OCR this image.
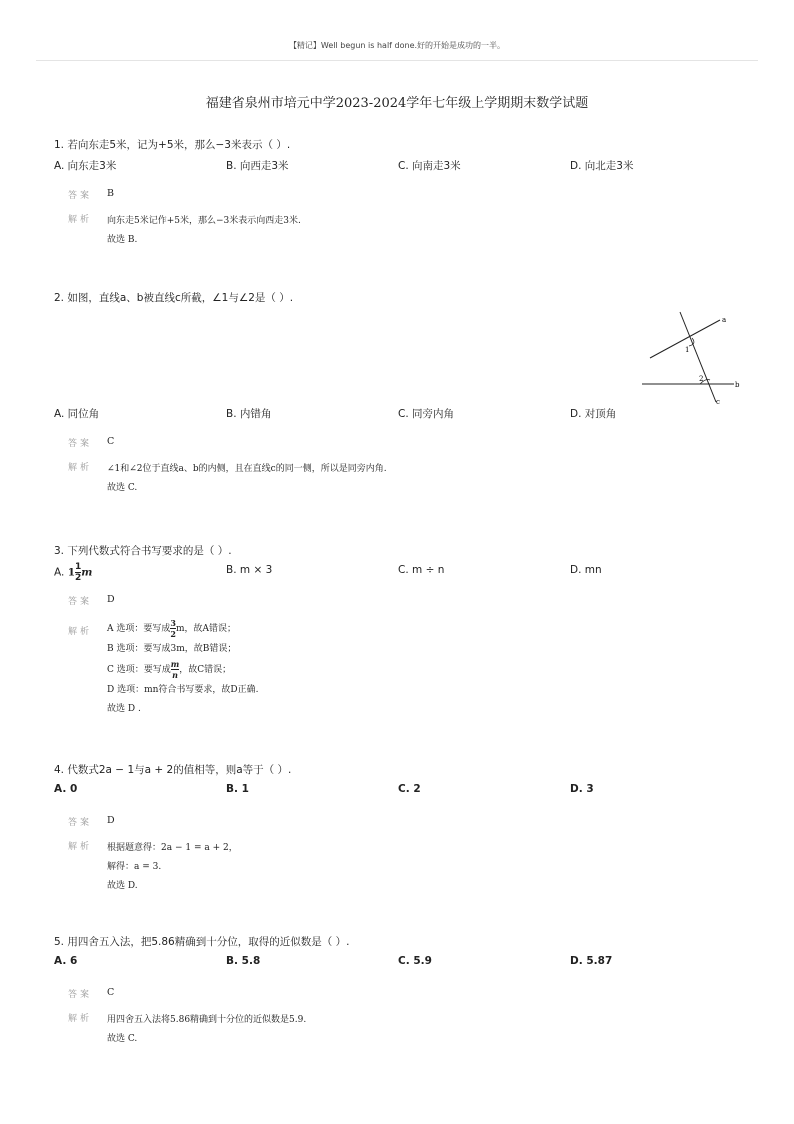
【精记】Well begun is half done.好的开始是成功的一半。
福建省泉州市培元中学2023-2024学年七年级上学期期末数学试题
1. 若向东走5米，记为+5米，那么−3米表示（ ）.
A. 向东走3米	B. 向西走3米	C. 向南走3米	D. 向北走3米
答案 B
解析 向东走5米记作+5米，那么−3米表示向西走3米.
故选 B.
2. 如图，直线a、b被直线c所截，∠1与∠2是（ ）.
a
b
c
1
2
A. 同位角	B. 内错角	C. 同旁内角	D. 对顶角
答案 C
解析 ∠1和∠2位于直线a、b的内侧，且在直线c的同一侧，所以是同旁内角.
故选 C.
3. 下列代数式符合书写要求的是（ ）.
A. $1 \frac{1}{2}$ m	B. m × 3	C. m ÷ n	D. mn
答案 D
解析 A 选项：要写成 $\frac{3}{2}$ m，故A错误；
B 选项：要写成3m，故B错误；
C 选项：要写成 $\frac{m}{n}$ ，故C错误；
D 选项：mn符合书写要求，故D正确.
故选 D .
4. 代数式2a − 1与a + 2的值相等，则a等于（ ）.
A. 0	B. 1	C. 2	D. 3
答案 D
解析 根据题意得：2a − 1 = a + 2，
解得：a = 3.
故选 D.
5. 用四舍五入法，把5.86精确到十分位，取得的近似数是（ ）.
A. 6	B. 5.8	C. 5.9	D. 5.87
答案 C
解析 用四舍五入法将5.86精确到十分位的近似数是5.9.
故选 C.
